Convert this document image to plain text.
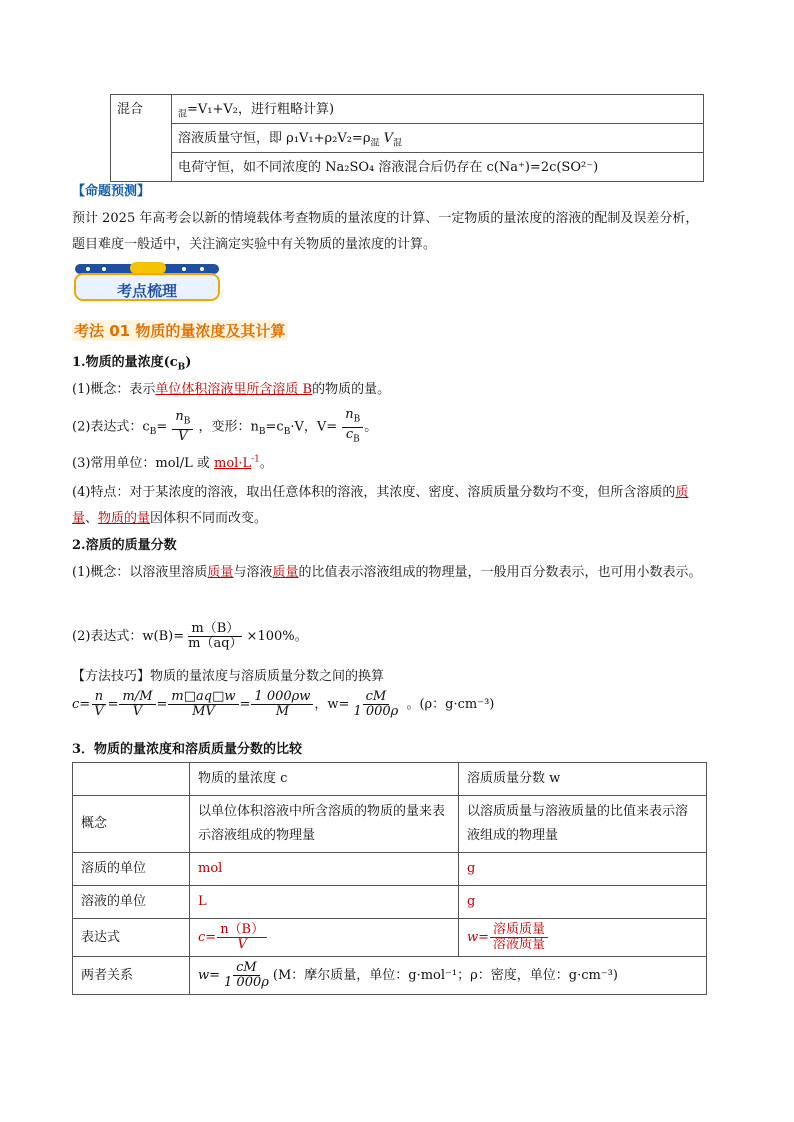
混合	$_混$=V₁+V₂，进行粗略计算)
溶液质量守恒，即 $\rho_1V_1+\rho_2V_2=\rho_混$ $V_混$
电荷守恒，如不同浓度的 Na₂SO₄ 溶液混合后仍存在 c(Na⁺)=2c(SO²⁻)
【命题预测】
预计 2025 年高考会以新的情境载体考查物质的量浓度的计算、一定物质的量浓度的溶液的配制及误差分析，题目难度一般适中，关注滴定实验中有关物质的量浓度的计算。
考点梳理
考法 01 物质的量浓度及其计算
1.物质的量浓度$(c_B)$
(1)概念：表示单位体积溶液里所含溶质 B的物质的量。
(2)表达式：$c_B= \frac{n_B}{V}$ ，变形：$n_B=c_B\cdot V$，$V= \frac{n_B}{c_B}$ 。
(3)常用单位：mol/L 或 $mol\cdot L^{-1}$。
(4)特点：对于某浓度的溶液，取出任意体积的溶液，其浓度、密度、溶质质量分数均不变，但所含溶质的质量、物质的量因体积不同而改变。
2.溶质的质量分数
(1)概念：以溶液里溶质质量与溶液质量的比值表示溶液组成的物理量，一般用百分数表示，也可用小数表示。
(2)表达式：$w(B)= \frac{m(B)}{m(aq)} \times 100\%$。
【方法技巧】物质的量浓度与溶质质量分数之间的换算
$c= \frac{n}{V} = \frac{m/M}{V} = \frac{m□aq□w}{MV} = \frac{1 000\rho w}{M}$ ，$w= \frac{cM}{1 000\rho}$ 。(ρ：g·cm⁻³)
3．物质的量浓度和溶质质量分数的比较
	物质的量浓度 c	溶质质量分数 w
概念	以单位体积溶液中所含溶质的物质的量来表示溶液组成的物理量	以溶质质量与溶液质量的比值来表示溶液组成的物理量
溶质的单位	mol	g
溶液的单位	L	g
表达式	$c= \frac{n(B)}{V}$	$w= \frac{\text{溶质质量}}{\text{溶液质量}}$

两者关系	$w= \frac{cM}{1 000\rho} (M$：摩尔质量，单位：g·mol⁻¹；ρ：密度，单位：g·cm⁻³)	
